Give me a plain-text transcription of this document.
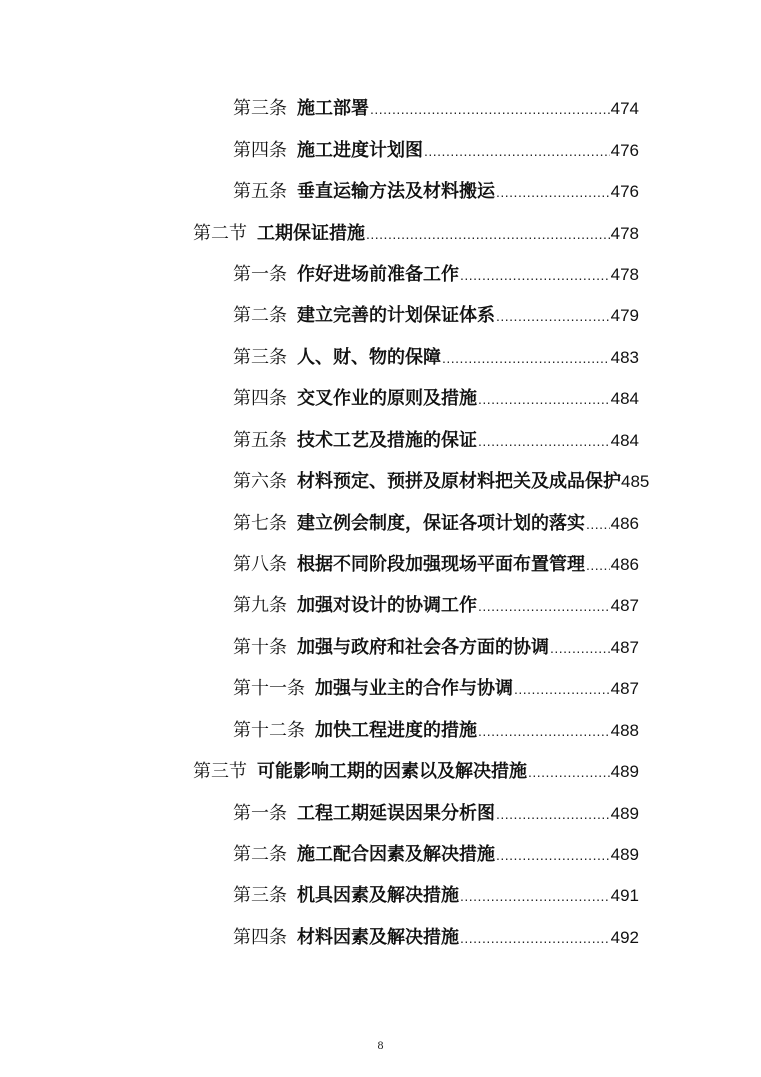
第三条 施工部署 .....	474
第四条 施工进度计划图 .....	476
第五条 垂直运输方法及材料搬运 .....	476
第二节 工期保证措施 .....	478
第一条 作好进场前准备工作 .....	478
第二条 建立完善的计划保证体系 .....	479
第三条 人、财、物的保障 .....	483
第四条 交叉作业的原则及措施 .....	484
第五条 技术工艺及措施的保证 .....	484
第六条 材料预定、预拼及原材料把关及成品保护 485
第七条 建立例会制度，保证各项计划的落实 ..... 486
第八条 根据不同阶段加强现场平面布置管理 ..... 486
第九条 加强对设计的协调工作 .....	487
第十条 加强与政府和社会各方面的协调 .....	487
第十一条 加强与业主的合作与协调 .....	487
第十二条 加快工程进度的措施 .....	488
第三节 可能影响工期的因素以及解决措施 .....	489
第一条 工程工期延误因果分析图 .....	489
第二条 施工配合因素及解决措施 .....	489
第三条 机具因素及解决措施 .....	491
第四条 材料因素及解决措施 .....	492
8
